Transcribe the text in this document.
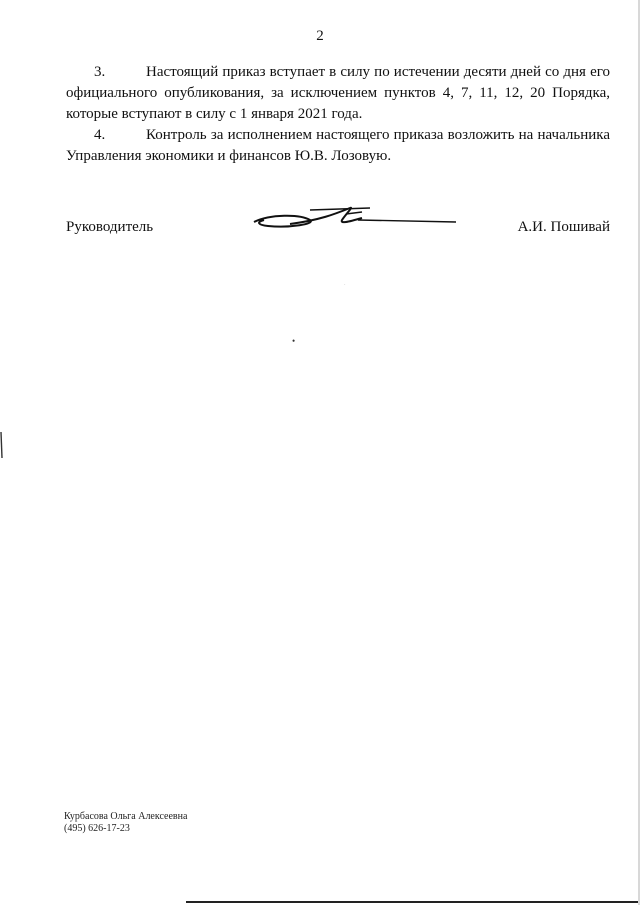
2
3.	Настоящий приказ вступает в силу по истечении десяти дней со дня его официального опубликования, за исключением пунктов 4, 7, 11, 12, 20 Порядка, которые вступают в силу с 1 января 2021 года.
4.	Контроль за исполнением настоящего приказа возложить на начальника Управления экономики и финансов Ю.В. Лозовую.
Руководитель	А.И. Пошивай
•
·
Курбасова Ольга Алексеевна
(495) 626-17-23
